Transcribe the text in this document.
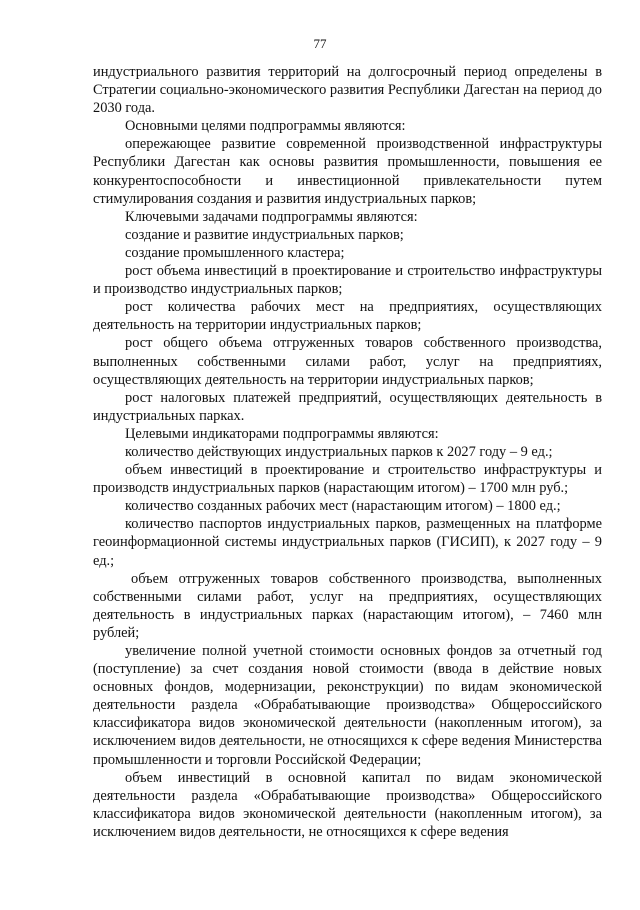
77

индустриального развития территорий на долгосрочный период определены в Стратегии социально-экономического развития Республики Дагестан на период до 2030 года.

Основными целями подпрограммы являются:

опережающее развитие современной производственной инфраструктуры Республики Дагестан как основы развития промышленности, повышения ее конкурентоспособности и инвестиционной привлекательности путем стимулирования создания и развития индустриальных парков;

Ключевыми задачами подпрограммы являются:

создание и развитие индустриальных парков;

создание промышленного кластера;

рост объема инвестиций в проектирование и строительство инфраструктуры и производство индустриальных парков;

рост количества рабочих мест на предприятиях, осуществляющих деятельность на территории индустриальных парков;

рост общего объема отгруженных товаров собственного производства, выполненных собственными силами работ, услуг на предприятиях, осуществляющих деятельность на территории индустриальных парков;

рост налоговых платежей предприятий, осуществляющих деятельность в индустриальных парках.

Целевыми индикаторами подпрограммы являются:

количество действующих индустриальных парков к 2027 году – 9 ед.;

объем инвестиций в проектирование и строительство инфраструктуры и производств индустриальных парков (нарастающим итогом) – 1700 млн руб.;

количество созданных рабочих мест (нарастающим итогом) – 1800 ед.;

количество паспортов индустриальных парков, размещенных на платформе геоинформационной системы индустриальных парков (ГИСИП), к 2027 году – 9 ед.;

объем отгруженных товаров собственного производства, выполненных собственными силами работ, услуг на предприятиях, осуществляющих деятельность в индустриальных парках (нарастающим итогом), – 7460 млн рублей;

увеличение полной учетной стоимости основных фондов за отчетный год (поступление) за счет создания новой стоимости (ввода в действие новых основных фондов, модернизации, реконструкции) по видам экономической деятельности раздела «Обрабатывающие производства» Общероссийского классификатора видов экономической деятельности (накопленным итогом), за исключением видов деятельности, не относящихся к сфере ведения Министерства промышленности и торговли Российской Федерации;

объем инвестиций в основной капитал по видам экономической деятельности раздела «Обрабатывающие производства» Общероссийского классификатора видов экономической деятельности (накопленным итогом), за исключением видов деятельности, не относящихся к сфере ведения
